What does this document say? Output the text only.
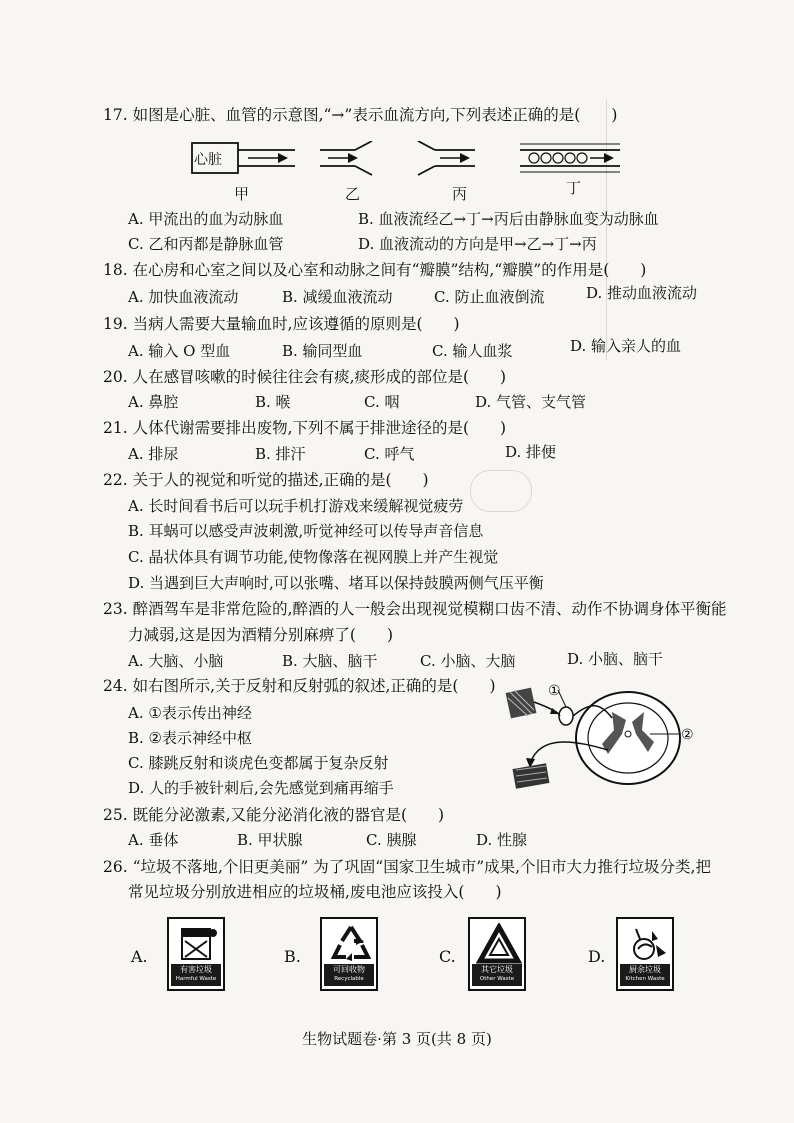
17. 如图是心脏、血管的示意图,“→”表示血流方向,下列表述正确的是(　　)
心脏
甲	乙	丙	丁
A. 甲流出的血为动脉血	B. 血液流经乙→丁→丙后由静脉血变为动脉血
C. 乙和丙都是静脉血管	D. 血液流动的方向是甲→乙→丁→丙
18. 在心房和心室之间以及心室和动脉之间有“瓣膜”结构,“瓣膜”的作用是(　　)
A. 加快血液流动	B. 减缓血液流动	C. 防止血液倒流	D. 推动血液流动
19. 当病人需要大量输血时,应该遵循的原则是(　　)
A. 输入 O 型血	B. 输同型血	C. 输人血浆	D. 输入亲人的血
20. 人在感冒咳嗽的时候往往会有痰,痰形成的部位是(　　)
A. 鼻腔	B. 喉	C. 咽	D. 气管、支气管
21. 人体代谢需要排出废物,下列不属于排泄途径的是(　　)
A. 排尿	B. 排汗	C. 呼气	D. 排便
22. 关于人的视觉和听觉的描述,正确的是(　　)
A. 长时间看书后可以玩手机打游戏来缓解视觉疲劳
B. 耳蜗可以感受声波刺激,听觉神经可以传导声音信息
C. 晶状体具有调节功能,使物像落在视网膜上并产生视觉
D. 当遇到巨大声响时,可以张嘴、堵耳以保持鼓膜两侧气压平衡
23. 醉酒驾车是非常危险的,醉酒的人一般会出现视觉模糊口齿不清、动作不协调身体平衡能
力减弱,这是因为酒精分别麻痹了(　　)
A. 大脑、小脑	B. 大脑、脑干	C. 小脑、大脑	D. 小脑、脑干
24. 如右图所示,关于反射和反射弧的叙述,正确的是(　　)
A. ①表示传出神经
B. ②表示神经中枢
C. 膝跳反射和谈虎色变都属于复杂反射
D. 人的手被针刺后,会先感觉到痛再缩手
①
②
25. 既能分泌激素,又能分泌消化液的器官是(　　)
A. 垂体	B. 甲状腺	C. 胰腺	D. 性腺
26. “垃圾不落地,个旧更美丽” 为了巩固“国家卫生城市”成果,个旧市大力推行垃圾分类,把
常见垃圾分别放进相应的垃圾桶,废电池应该投入(　　)
A.	B.	C.	D.
有害垃圾
Harmful Waste
可回收物
Recyclable
其它垃圾
Other Waste
厨余垃圾
Kitchen Waste
生物试题卷·第 3 页(共 8 页)
